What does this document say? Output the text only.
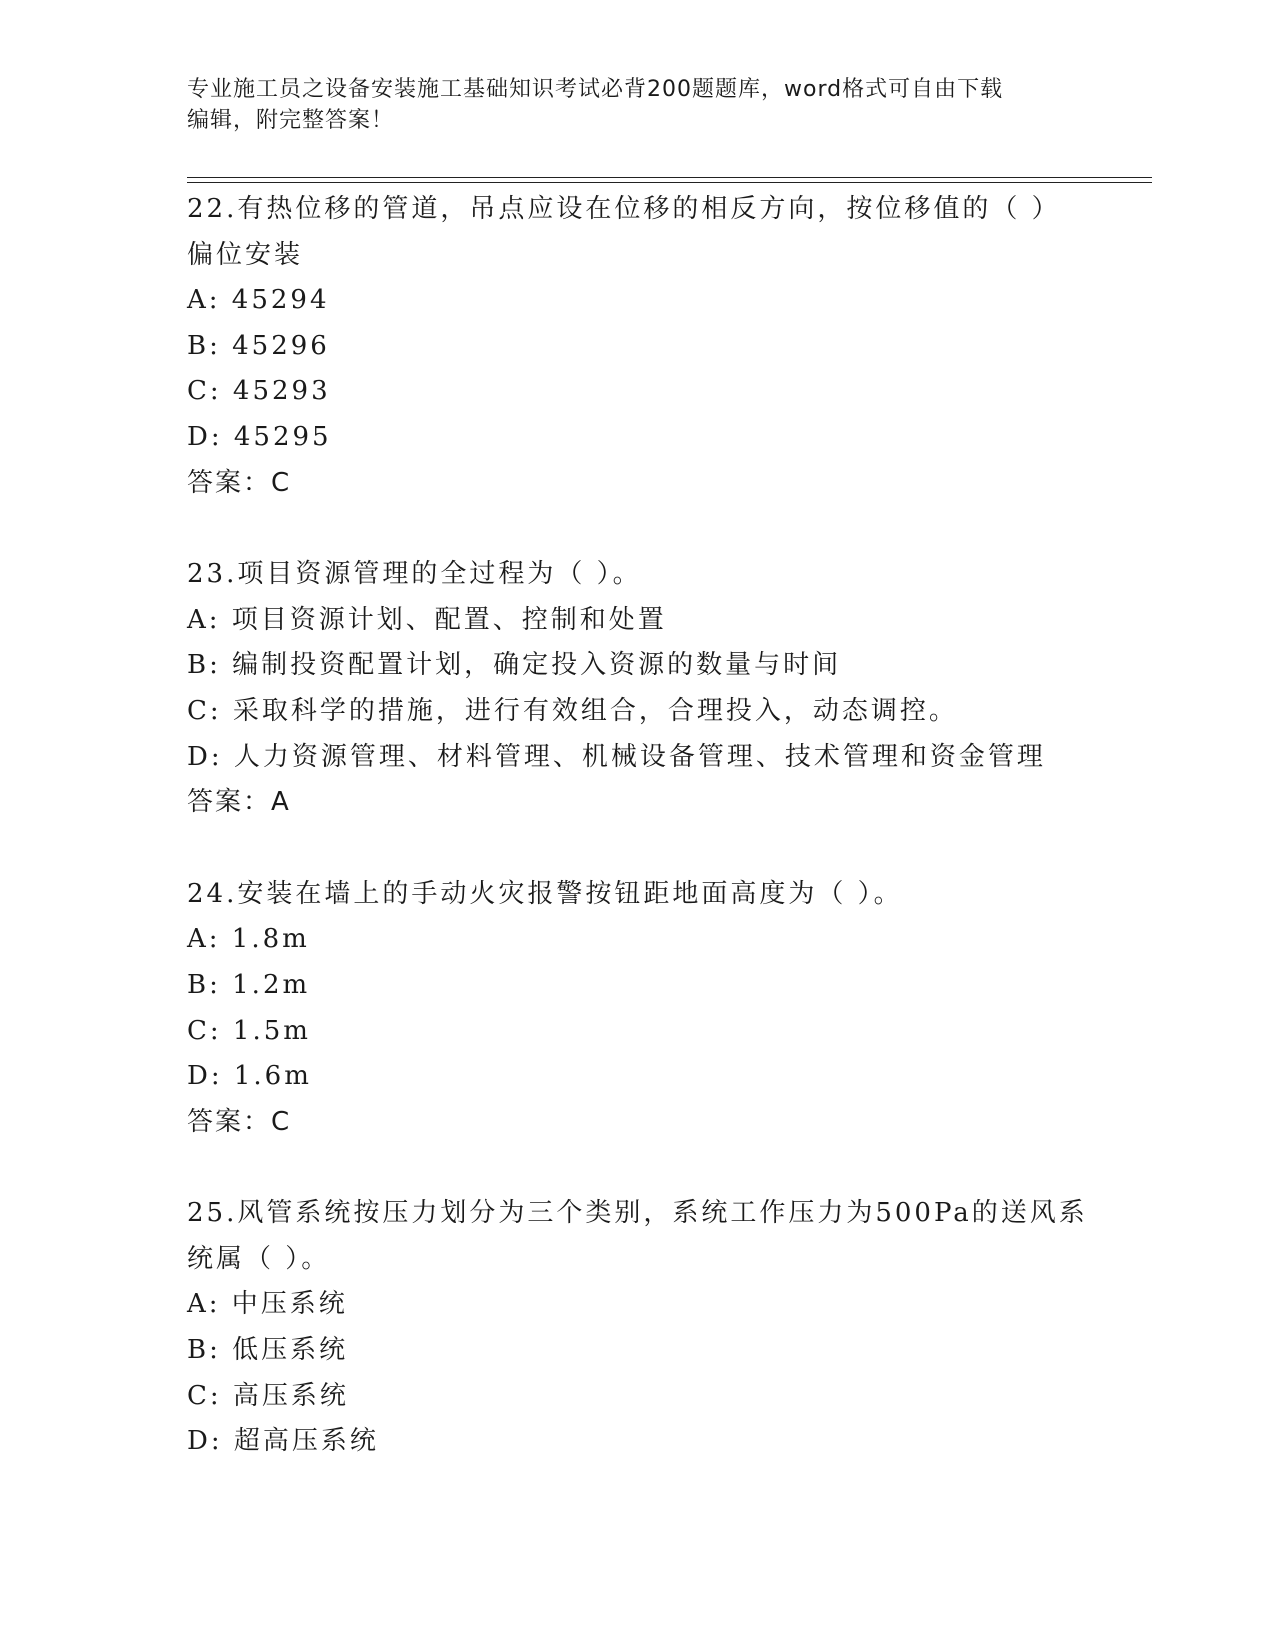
专业施工员之设备安装施工基础知识考试必背200题题库，word格式可自由下载
编辑，附完整答案！
22.有热位移的管道，吊点应设在位移的相反方向，按位移值的（ ）
偏位安装
A: 45294
B: 45296
C: 45293
D: 45295
答案：C
23.项目资源管理的全过程为（ ）。
A: 项目资源计划、配置、控制和处置
B: 编制投资配置计划，确定投入资源的数量与时间
C: 采取科学的措施，进行有效组合，合理投入，动态调控。
D: 人力资源管理、材料管理、机械设备管理、技术管理和资金管理
答案：A
24.安装在墙上的手动火灾报警按钮距地面高度为（ ）。
A: 1.8m
B: 1.2m
C: 1.5m
D: 1.6m
答案：C
25.风管系统按压力划分为三个类别，系统工作压力为500Pa的送风系
统属（ ）。
A: 中压系统
B: 低压系统
C: 高压系统
D: 超高压系统
